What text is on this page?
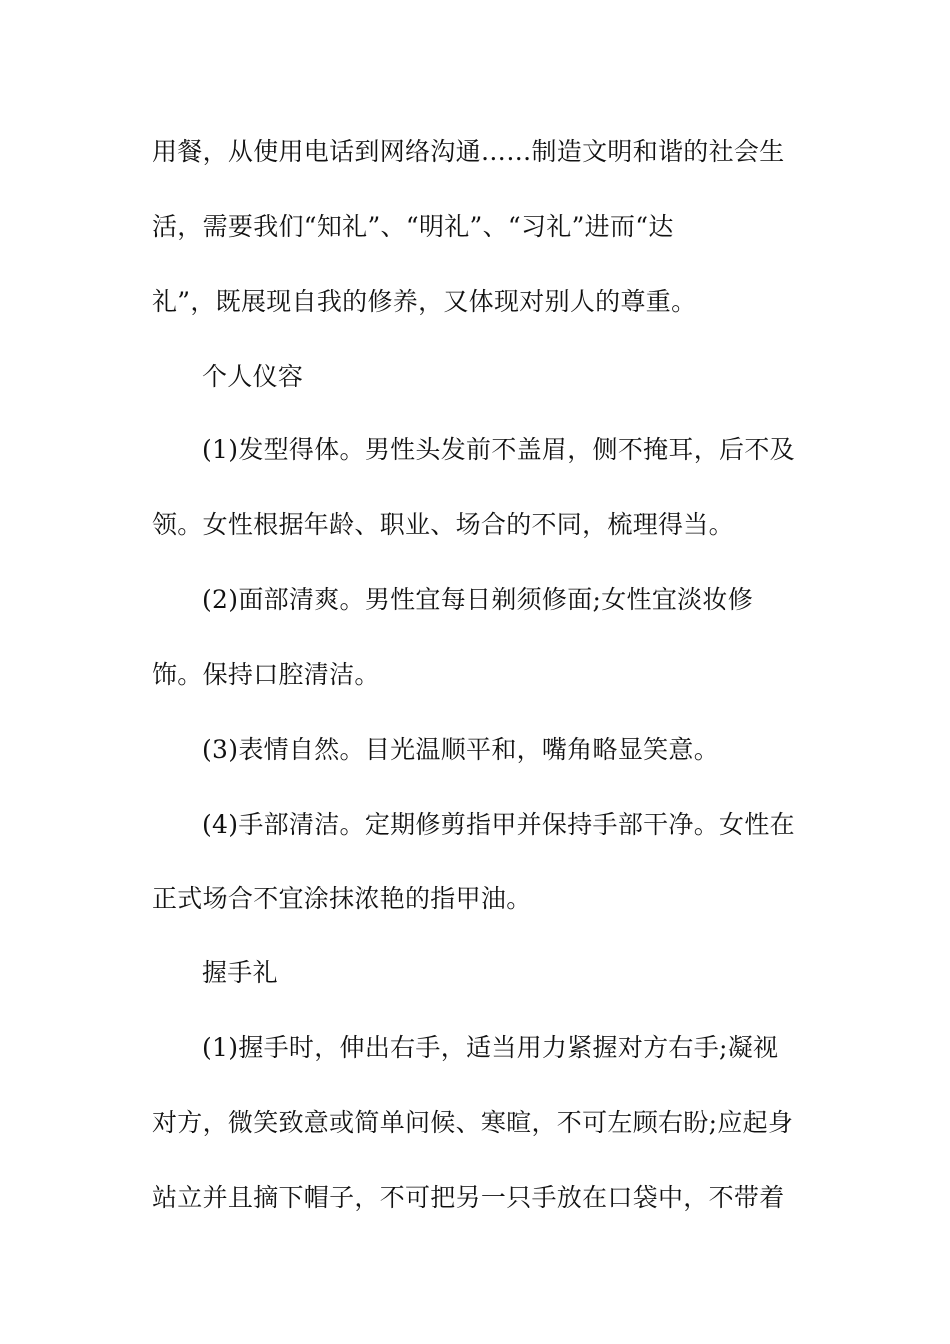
用餐，从使用电话到网络沟通……制造文明和谐的社会生
活，需要我们“知礼”、“明礼”、“习礼”进而“达
礼”，既展现自我的修养，又体现对别人的尊重。
个人仪容
(1)发型得体。男性头发前不盖眉，侧不掩耳，后不及
领。女性根据年龄、职业、场合的不同，梳理得当。
(2)面部清爽。男性宜每日剃须修面;女性宜淡妆修
饰。保持口腔清洁。
(3)表情自然。目光温顺平和，嘴角略显笑意。
(4)手部清洁。定期修剪指甲并保持手部干净。女性在
正式场合不宜涂抹浓艳的指甲油。
握手礼
(1)握手时，伸出右手，适当用力紧握对方右手;凝视
对方，微笑致意或简单问候、寒暄，不可左顾右盼;应起身
站立并且摘下帽子，不可把另一只手放在口袋中，不带着
